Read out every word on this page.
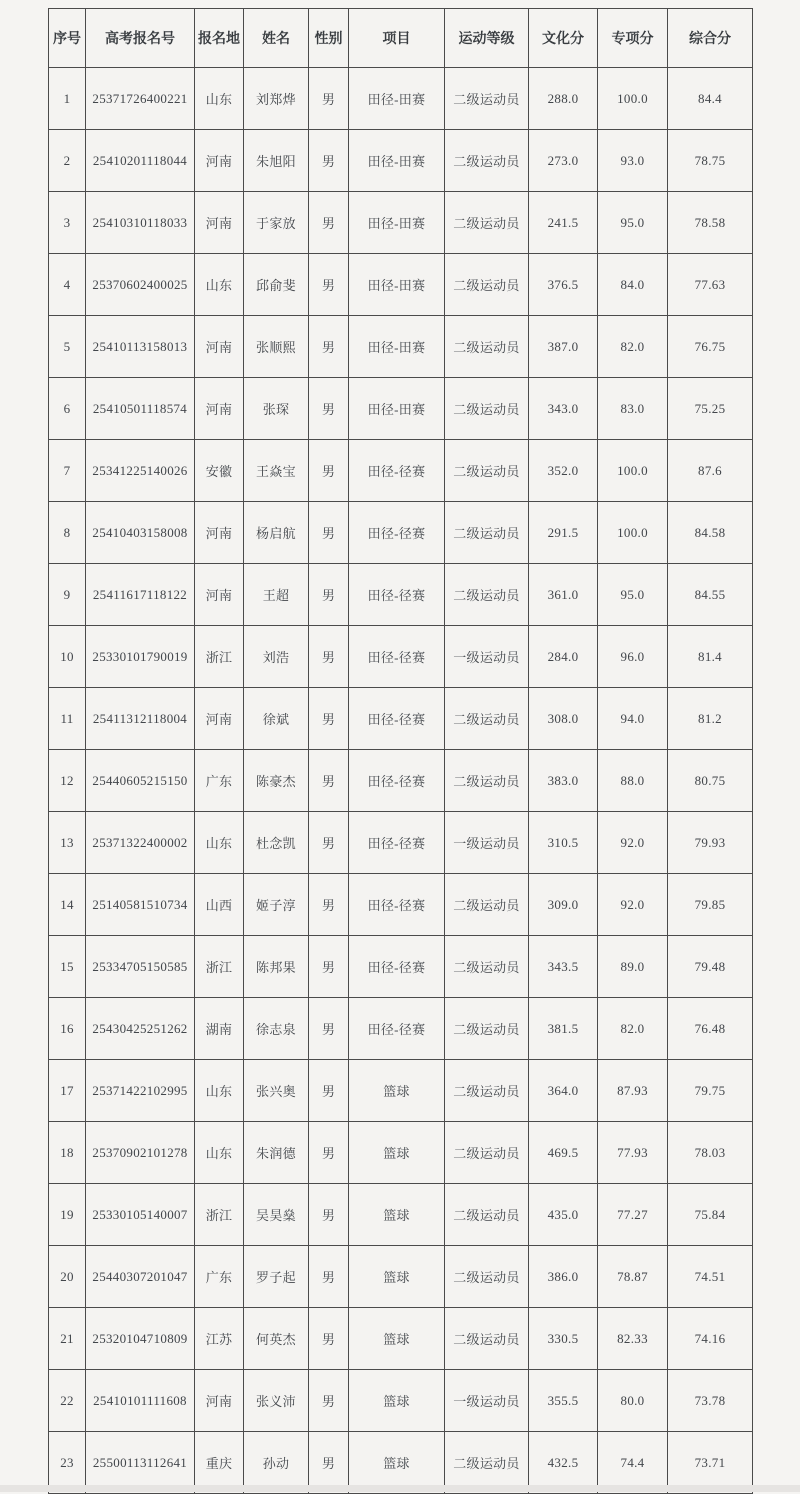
序号	高考报名号	报名地	姓名	性别	项目	运动等级	文化分	专项分	综合分
1	25371726400221	山东	刘郑烨	男	田径-田赛	二级运动员	288.0	100.0	84.4
2	25410201118044	河南	朱旭阳	男	田径-田赛	二级运动员	273.0	93.0	78.75
3	25410310118033	河南	于家放	男	田径-田赛	二级运动员	241.5	95.0	78.58
4	25370602400025	山东	邱俞斐	男	田径-田赛	二级运动员	376.5	84.0	77.63
5	25410113158013	河南	张顺熙	男	田径-田赛	二级运动员	387.0	82.0	76.75
6	25410501118574	河南	张琛	男	田径-田赛	二级运动员	343.0	83.0	75.25
7	25341225140026	安徽	王焱宝	男	田径-径赛	二级运动员	352.0	100.0	87.6
8	25410403158008	河南	杨启航	男	田径-径赛	二级运动员	291.5	100.0	84.58
9	25411617118122	河南	王超	男	田径-径赛	二级运动员	361.0	95.0	84.55
10	25330101790019	浙江	刘浩	男	田径-径赛	一级运动员	284.0	96.0	81.4
11	25411312118004	河南	徐斌	男	田径-径赛	二级运动员	308.0	94.0	81.2
12	25440605215150	广东	陈豪杰	男	田径-径赛	二级运动员	383.0	88.0	80.75
13	25371322400002	山东	杜念凯	男	田径-径赛	一级运动员	310.5	92.0	79.93
14	25140581510734	山西	姬子淳	男	田径-径赛	二级运动员	309.0	92.0	79.85
15	25334705150585	浙江	陈邦果	男	田径-径赛	二级运动员	343.5	89.0	79.48
16	25430425251262	湖南	徐志泉	男	田径-径赛	二级运动员	381.5	82.0	76.48
17	25371422102995	山东	张兴奥	男	篮球	二级运动员	364.0	87.93	79.75
18	25370902101278	山东	朱润德	男	篮球	二级运动员	469.5	77.93	78.03
19	25330105140007	浙江	吴昊燊	男	篮球	二级运动员	435.0	77.27	75.84
20	25440307201047	广东	罗子起	男	篮球	二级运动员	386.0	78.87	74.51
21	25320104710809	江苏	何英杰	男	篮球	二级运动员	330.5	82.33	74.16
22	25410101111608	河南	张义沛	男	篮球	一级运动员	355.5	80.0	73.78
23	25500113112641	重庆	孙动	男	篮球	二级运动员	432.5	74.4	73.71
